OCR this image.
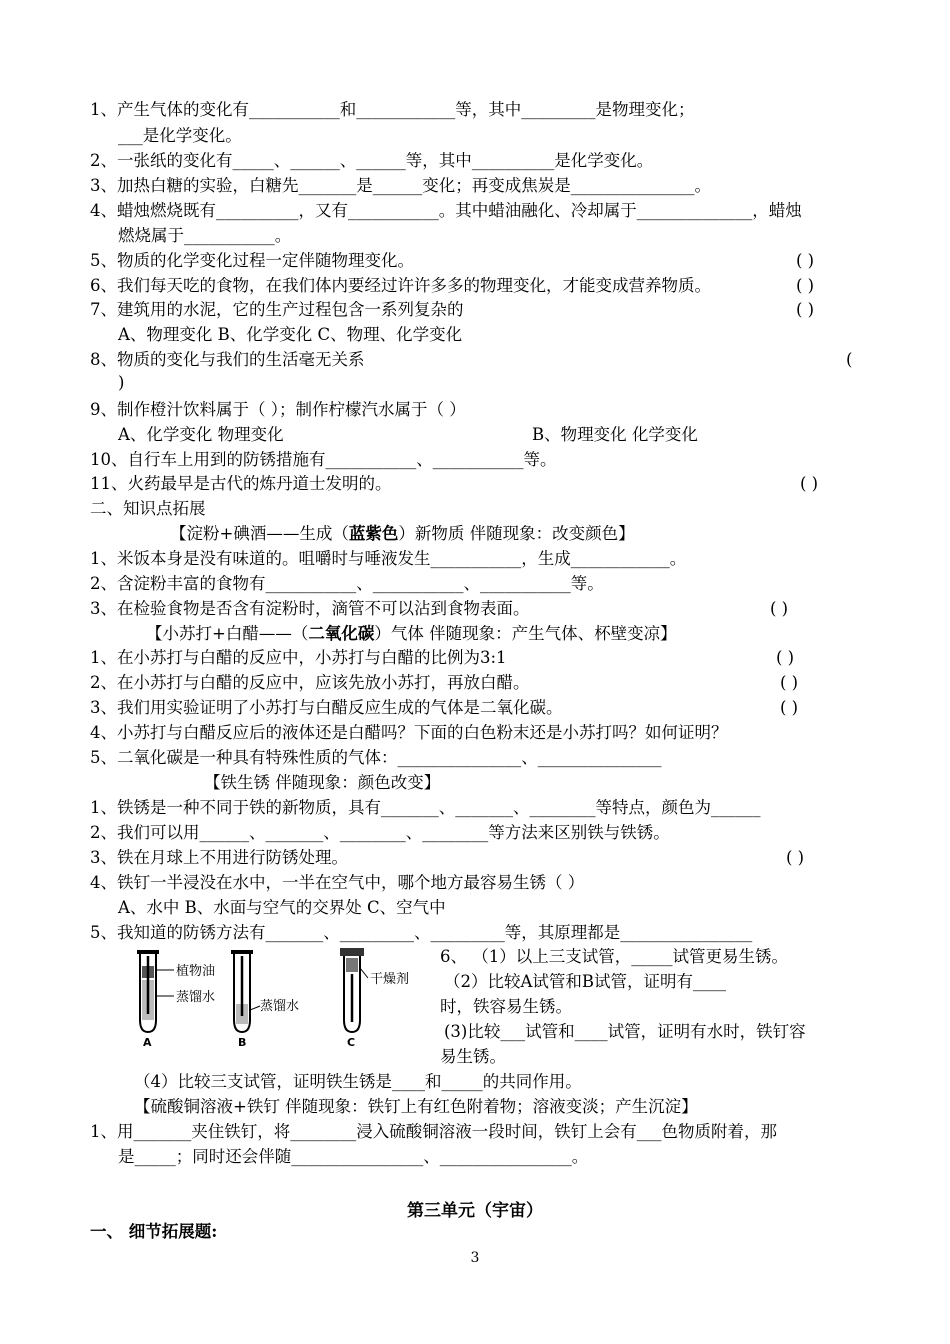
1、产生气体的变化有___________和____________等，其中_________是物理变化；
___是化学变化。
2、一张纸的变化有_____、______、______等，其中__________是化学变化。
3、加热白糖的实验，白糖先_______是______变化；再变成焦炭是_______________。
4、蜡烛燃烧既有__________，又有___________。其中蜡油融化、冷却属于______________，蜡烛
燃烧属于___________。
5、物质的化学变化过程一定伴随物理变化。	( )
6、我们每天吃的食物，在我们体内要经过许许多多的物理变化，才能变成营养物质。	( )
7、建筑用的水泥，它的生产过程包含一系列复杂的	( )
A、物理变化 B、化学变化 C、物理、化学变化
8、物质的变化与我们的生活毫无关系	(
)
9、制作橙汁饮料属于（ ）；制作柠檬汽水属于（ ）
A、化学变化 物理变化	B、物理变化 化学变化
10、自行车上用到的防锈措施有___________、___________等。
11、火药最早是古代的炼丹道士发明的。	( )
二、知识点拓展
【淀粉+碘酒——生成（蓝紫色）新物质 伴随现象：改变颜色】
1、米饭本身是没有味道的。咀嚼时与唾液发生___________，生成____________。
2、含淀粉丰富的食物有___________、___________、___________等。
3、在检验食物是否含有淀粉时，滴管不可以沾到食物表面。	( )
【小苏打+白醋——（二氧化碳）气体 伴随现象：产生气体、杯壁变凉】
1、在小苏打与白醋的反应中，小苏打与白醋的比例为3:1	( )
2、在小苏打与白醋的反应中，应该先放小苏打，再放白醋。	( )
3、我们用实验证明了小苏打与白醋反应生成的气体是二氧化碳。	( )
4、小苏打与白醋反应后的液体还是白醋吗？下面的白色粉末还是小苏打吗？如何证明？
5、二氧化碳是一种具有特殊性质的气体：_______________、_______________
【铁生锈 伴随现象：颜色改变】
1、铁锈是一种不同于铁的新物质，具有_______、_______、________等特点，颜色为______
2、我们可以用______、_______、________、________等方法来区别铁与铁锈。
3、铁在月球上不用进行防锈处理。	( )
4、铁钉一半浸没在水中，一半在空气中，哪个地方最容易生锈（ ）
A、水中 B、水面与空气的交界处 C、空气中
5、我知道的防锈方法有_______、_________、_________等，其原理都是________________
植物油
蒸馏水
A
蒸馏水
B
干燥剂
C
6、 （1）以上三支试管，_____试管更易生锈。
（2）比较A试管和B试管，证明有____
时，铁容易生锈。
(3)比较___试管和____试管，证明有水时，铁钉容
易生锈。
（4）比较三支试管，证明铁生锈是____和_____的共同作用。
【硫酸铜溶液+铁钉 伴随现象：铁钉上有红色附着物；溶液变淡；产生沉淀】
1、用_______夹住铁钉，将________浸入硫酸铜溶液一段时间，铁钉上会有___色物质附着，那
是_____；同时还会伴随________________、________________。
第三单元（宇宙）
一、 细节拓展题:
3
